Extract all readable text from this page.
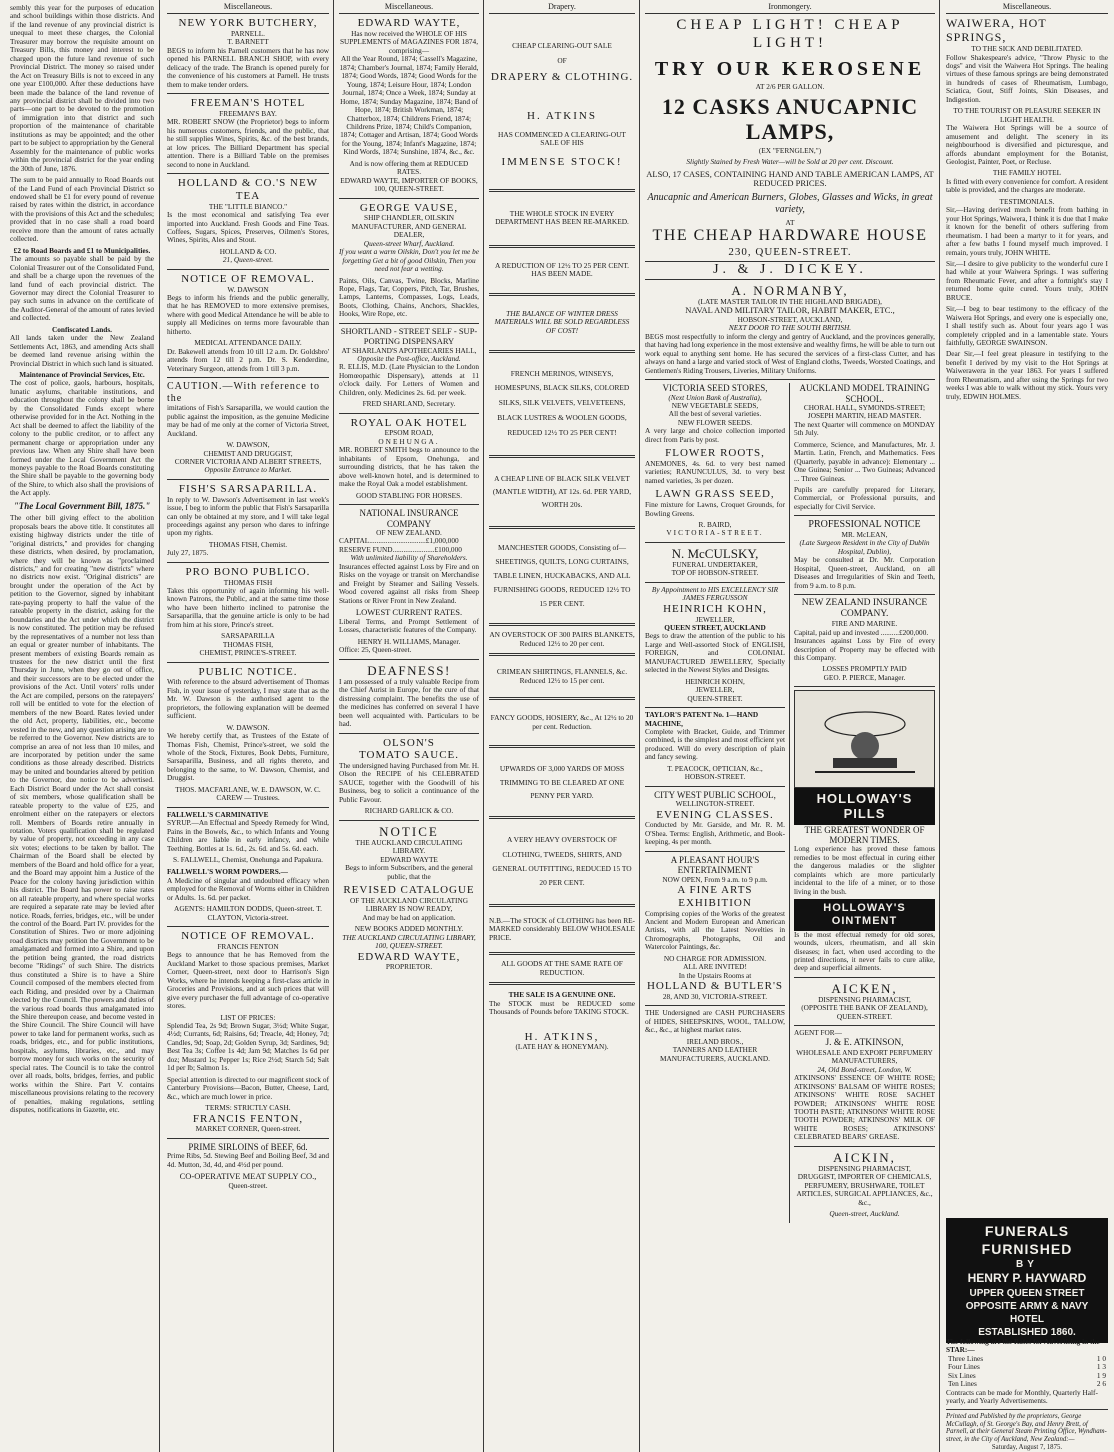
sembly this year for the purposes of education and school buildings within those districts. And if the land revenue of any provincial district is unequal to meet these charges, the Colonial Treasurer may borrow the requisite amount on Treasury Bills, this money and interest to be charged upon the future land revenue of such Provincial District. The money so raised under the Act on Treasury Bills is not to exceed in any one year £100,000. After these deductions have been made the balance of the land revenue of any provincial district shall be divided into two parts—one part to be devoted to the promotion of immigration into that district and such proportion of the maintenance of charitable institutions as may be appointed; and the other part to be subject to appropriation by the General Assembly for the maintenance of public works within the provincial district for the year ending the 30th of June, 1876.

The sum to be paid annually to Road Boards out of the Land Fund of each Provincial District so endowed shall be £1 for every pound of revenue raised by rates within the district, in accordance with the provisions of this Act and the schedules; provided that in no case shall a road board receive more than the amount of rates actually collected.

£2 to Road Boards and £1 to Municipalities.

The amounts so payable shall be paid by the Colonial Treasurer out of the Consolidated Fund, and shall be a charge upon the revenues of the land fund of each provincial district. The Governor may direct the Colonial Treasurer to pay such sums in advance on the certificate of the Auditor-General of the amount of rates levied and collected.

Confiscated Lands.

All lands taken under the New Zealand Settlements Act, 1863, and amending Acts shall be deemed land revenue arising within the Provincial District in which such land is situated.

Maintenance of Provincial Services, Etc.

The cost of police, gaols, harbours, hospitals, lunatic asylums, charitable institutions, and education throughout the colony shall be borne by the Consolidated Funds except where otherwise provided for in the Act. Nothing in the Act shall be deemed to affect the liability of the colony to the public creditor, or to affect any permanent charge or appropriation under any previous law. When any Shire shall have been formed under the Local Government Act the moneys payable to the Road Boards constituting the Shire shall be payable to the governing body of the Shire, to which also shall the provisions of the Act apply.

"The Local Government Bill, 1875."

The other bill giving effect to the abolition proposals bears the above title. It constitutes all existing highway districts under the title of "original districts," and provides for changing these districts, when desired, by proclamation, where they will be known as "proclaimed districts," and for creating "new districts" where no districts now exist. "Original districts" are brought under the operation of the Act by petition to the Governor, signed by inhabitant rate-paying property to half the value of the rateable property in the district, asking for the boundaries and the Act under which the district is now constituted. The petition may be refused by the representatives of a number not less than an equal or greater number of inhabitants. The present members of existing Boards remain as trustees for the new district until the first Thursday in June, when they go out of office, and their successors are to be elected under the provisions of the Act. Until voters' rolls under the Act are compiled, persons on the ratepayers' roll will be entitled to vote for the election of members of the new Board. Rates levied under the old Act, property, liabilities, etc., become vested in the new, and any question arising are to be referred to the Governor. New districts are to comprise an area of not less than 10 miles, and are incorporated by petition under the same conditions as those already described. Districts may be united and boundaries altered by petition to the Governor, due notice to be advertised. Each District Board under the Act shall consist of six members, whose qualification shall be rateable property to the value of £25, and enrolment either on the ratepayers or electors roll. Members of Boards retire annually in rotation. Voters qualification shall be regulated by value of property, not exceeding in any case six votes; elections to be taken by ballot. The Chairman of the Board shall be elected by members of the Board and hold office for a year, and the Board may appoint him a Justice of the Peace for the colony having jurisdiction within his district. The Board has power to raise rates on all rateable property, and where special works are required a separate rate may be levied after notice. Roads, ferries, bridges, etc., will be under the control of the Board. Part IV. provides for the Constitution of Shires. Two or more adjoining road districts may petition the Government to be amalgamated and formed into a Shire, and upon the petition being granted, the road districts become "Ridings" of such Shire. The districts thus constituted a Shire is to have a Shire Council composed of the members elected from each Riding, and presided over by a Chairman elected by the Council. The powers and duties of the various road boards thus amalgamated into the Shire thereupon cease, and become vested in the Shire Council. The Shire Council will have power to take land for permanent works, such as roads, bridges, etc., and for public institutions, hospitals, asylums, libraries, etc., and may borrow money for such works on the security of special rates. The Council is to take the control over all roads, bolts, bridges, ferries, and public works within the Shire. Part V. contains miscellaneous provisions relating to the recovery of penalties, making regulations, settling disputes, notifications in Gazette, etc.

Miscellaneous.
NEW YORK BUTCHERY,
PARNELL.
T. BARNETT

BEGS to inform his Parnell customers that he has now opened his PARNELL BRANCH SHOP, with every delicacy of the trade. The Branch is opened purely for the convenience of his customers at Parnell. He trusts them to make tender orders.

FREEMAN'S HOTEL
FREEMAN'S BAY.

MR. ROBERT SNOW (the Proprietor) begs to inform his numerous customers, friends, and the public, that he still supplies Wines, Spirits, &c. of the best brands, at low prices. The Billiard Department has special attention. There is a Billiard Table on the premises second to none in Auckland.

HOLLAND & CO.'S NEW TEA
THE "LITTLE BIANCO."

Is the most economical and satisfying Tea ever imported into Auckland. Fresh Goods and Fine Teas. Coffees, Sugars, Spices, Preserves, Oilmen's Stores, Wines, Spirits, Ales and Stout.

HOLLAND & CO.
21, Queen-street.
NOTICE OF REMOVAL.
W. DAWSON

Begs to inform his friends and the public generally, that he has REMOVED to more extensive premises, where with good Medical Attendance he will be able to supply all Medicines on terms more favourable than hitherto.

MEDICAL ATTENDANCE DAILY.

Dr. Bakewell attends from 10 till 12 a.m. Dr. Goldsbro' attends from 12 till 2 p.m. Dr. S. Kenderdine, Veterinary Surgeon, attends from 1 till 3 p.m.

CAUTION.—With reference to the

imitations of Fish's Sarsaparilla, we would caution the public against the imposition, as the genuine Medicine may be had of me only at the corner of Victoria Street, Auckland.

W. DAWSON,
CHEMIST AND DRUGGIST,
CORNER VICTORIA AND ALBERT STREETS,
Opposite Entrance to Market.
FISH'S SARSAPARILLA.

In reply to W. Dawson's Advertisement in last week's issue, I beg to inform the public that Fish's Sarsaparilla can only be obtained at my store, and I will take legal proceedings against any person who dares to infringe upon my rights.

THOMAS FISH, Chemist.
July 27, 1875.
PRO BONO PUBLICO.
THOMAS FISH

Takes this opportunity of again informing his well-known Patrons, the Public, and at the same time those who have been hitherto inclined to patronise the Sarsaparilla, that the genuine article is only to be had from him at his store, Prince's street.

SARSAPARILLA
THOMAS FISH,
CHEMIST, PRINCE'S-STREET.
PUBLIC NOTICE.

With reference to the absurd advertisement of Thomas Fish, in your issue of yesterday, I may state that as the Mr. W. Dawson is the authorised agent to the proprietors, the following explanation will be deemed sufficient.

W. DAWSON.

We hereby certify that, as Trustees of the Estate of Thomas Fish, Chemist, Prince's-street, we sold the whole of the Stock, Fixtures, Book Debts, Furniture, Sarsaparilla, Business, and all rights thereto, and belonging to the same, to W. Dawson, Chemist, and Druggist.

THOS. MACFARLANE, W. E. DAWSON, W. C. CAREW — Trustees.
FALLWELL'S CARMINATIVE

SYRUP.—An Effectual and Speedy Remedy for Wind, Pains in the Bowels, &c., to which Infants and Young Children are liable in early infancy, and while Teething. Bottles at 1s. 6d., 2s. 6d. and 5s. 6d. each.

S. FALLWELL, Chemist, Onehunga and Papakura.
FALLWELL'S WORM POWDERS.—

A Medicine of singular and undoubted efficacy when employed for the Removal of Worms either in Children or Adults. 1s. 6d. per packet.

AGENTS: HAMILTON DODDS, Queen-street. T. CLAYTON, Victoria-street.
NOTICE OF REMOVAL.
FRANCIS FENTON

Begs to announce that he has Removed from the Auckland Market to those spacious premises, Market Corner, Queen-street, next door to Harrison's Sign Works, where he intends keeping a first-class article in Groceries and Provisions, and at such prices that will give every purchaser the full advantage of co-operative stores.

LIST OF PRICES:

Splendid Tea, 2s 9d; Brown Sugar, 3½d; White Sugar, 4½d; Currants, 6d; Raisins, 6d; Treacle, 4d; Honey, 7d; Candles, 9d; Soap, 2d; Golden Syrup, 3d; Sardines, 9d; Best Tea 3s; Coffee 1s 4d; Jam 9d; Matches 1s 6d per doz; Mustard 1s; Pepper 1s; Rice 2½d; Starch 5d; Salt 1d per lb; Salmon 1s.

Special attention is directed to our magnificent stock of Canterbury Provisions—Bacon, Butter, Cheese, Lard, &c., which are much lower in price.

TERMS: STRICTLY CASH.
FRANCIS FENTON,
MARKET CORNER, Queen-street.
PRIME SIRLOINS of BEEF, 6d.

Prime Ribs, 5d. Stewing Beef and Boiling Beef, 3d and 4d. Mutton, 3d, 4d, and 4½d per pound.

CO-OPERATIVE MEAT SUPPLY CO.,
Queen-street.
Miscellaneous.
EDWARD WAYTE,
Has now received the WHOLE OF HIS SUPPLEMENTS of MAGAZINES FOR 1874, comprising—

All the Year Round, 1874; Cassell's Magazine, 1874; Chamber's Journal, 1874; Family Herald, 1874; Good Words, 1874; Good Words for the Young, 1874; Leisure Hour, 1874; London Journal, 1874; Once a Week, 1874; Sunday at Home, 1874; Sunday Magazine, 1874; Band of Hope, 1874; British Workman, 1874; Chatterbox, 1874; Childrens Friend, 1874; Childrens Prize, 1874; Child's Companion, 1874; Cottager and Artisan, 1874; Good Words for the Young, 1874; Infant's Magazine, 1874; Kind Words, 1874; Sunshine, 1874, &c., &c.

And is now offering them at REDUCED RATES.
EDWARD WAYTE, IMPORTER OF BOOKS, 100, QUEEN-STREET.
GEORGE VAUSE,
SHIP CHANDLER, OILSKIN MANUFACTURER, AND GENERAL DEALER,
Queen-street Wharf, Auckland.

If you want a warm Oilskin, Don't you let me be forgetting Get a bit of good Oilskin, Then you need not fear a wetting.

Paints, Oils, Canvas, Twine, Blocks, Marline Rope, Flags, Tar, Coppers, Pitch, Tar, Brushes, Lamps, Lanterns, Compasses, Logs, Leads, Boots, Clothing, Chains, Anchors, Shackles, Hooks, Wire Rope, etc.

SHORTLAND - STREET SELF - SUP-PORTING DISPENSARY
AT SHARLAND'S APOTHECARIES HALL,
Opposite the Post-office, Auckland.

R. ELLIS, M.D. (Late Physician to the London Homœopathic Dispensary), attends at 11 o'clock daily. For Letters of Women and Children, only. Medicines 2s. 6d. per week.

FRED SHARLAND, Secretary.
ROYAL OAK HOTEL
EPSOM ROAD,
ONEHUNGA.

MR. ROBERT SMITH begs to announce to the inhabitants of Epsom, Onehunga, and surrounding districts, that he has taken the above well-known hotel, and is determined to make the Royal Oak a model establishment.

GOOD STABLING FOR HORSES.
NATIONAL INSURANCE COMPANY
OF NEW ZEALAND.
CAPITAL...............................£1,000,000
RESERVE FUND.......................£100,000
With unlimited liability of Shareholders.

Insurances effected against Loss by Fire and on Risks on the voyage or transit on Merchandise and Freight by Steamer and Sailing Vessels. Wood covered against all risks from Sheep Stations or River Front in New Zealand.

LOWEST CURRENT RATES.

Liberal Terms, and Prompt Settlement of Losses, characteristic features of the Company.

HENRY H. WILLIAMS, Manager.
Office: 25, Queen-street.
DEAFNESS!

I am possessed of a truly valuable Recipe from the Chief Aurist in Europe, for the cure of that distressing complaint. The benefits the use of the medicines has conferred on several I have been well acquainted with. Particulars to be had.

OLSON'S
TOMATO SAUCE.

The undersigned having Purchased from Mr. H. Olson the RECIPE of his CELEBRATED SAUCE, together with the Goodwill of his Business, beg to solicit a continuance of the Public Favour.

RICHARD GARLICK & CO.
NOTICE
THE AUCKLAND CIRCULATING LIBRARY.
EDWARD WAYTE

Begs to inform Subscribers, and the general public, that the

REVISED CATALOGUE
OF THE AUCKLAND CIRCULATING LIBRARY IS NOW READY,
And may be had on application.
NEW BOOKS ADDED MONTHLY.
THE AUCKLAND CIRCULATING LIBRARY, 100, QUEEN-STREET.
EDWARD WAYTE,
PROPRIETOR.
Drapery.
CHEAP CLEARING-OUT SALE
OF
DRAPERY & CLOTHING.
H. ATKINS
HAS COMMENCED A CLEARING-OUT SALE OF HIS
IMMENSE STOCK!
THE WHOLE STOCK IN EVERY DEPARTMENT HAS BEEN RE-MARKED.
A REDUCTION OF 12½ TO 25 PER CENT. HAS BEEN MADE.
THE BALANCE OF WINTER DRESS MATERIALS WILL BE SOLD REGARDLESS OF COST!
FRENCH MERINOS, WINSEYS, HOMESPUNS, BLACK SILKS, COLORED SILKS, SILK VELVETS, VELVETEENS, BLACK LUSTRES & WOOLEN GOODS, REDUCED 12½ TO 25 PER CENT!
A CHEAP LINE OF BLACK SILK VELVET (MANTLE WIDTH), AT 12s. 6d. PER YARD, WORTH 20s.
MANCHESTER GOODS, Consisting of— SHEETINGS, QUILTS, LONG CURTAINS, TABLE LINEN, HUCKABACKS, AND ALL FURNISHING GOODS, REDUCED 12½ TO 15 PER CENT.
AN OVERSTOCK OF 300 PAIRS BLANKETS, Reduced 12½ to 20 per cent.
CRIMEAN SHIRTINGS, FLANNELS, &c. Reduced 12½ to 15 per cent.
FANCY GOODS, HOSIERY, &c., At 12½ to 20 per cent. Reduction.
UPWARDS OF 3,000 YARDS OF MOSS TRIMMING TO BE CLEARED AT ONE PENNY PER YARD.
A VERY HEAVY OVERSTOCK OF CLOTHING, TWEEDS, SHIRTS, AND GENERAL OUTFITTING, REDUCED 15 TO 20 PER CENT.

N.B.—The STOCK of CLOTHING has been RE-MARKED considerably BELOW WHOLESALE PRICE.

ALL GOODS AT THE SAME RATE OF REDUCTION.
THE SALE IS A GENUINE ONE.

The STOCK must be REDUCED some Thousands of Pounds before TAKING STOCK.

H. ATKINS,
(LATE HAY & HONEYMAN).
Ironmongery.
CHEAP LIGHT! CHEAP LIGHT!
TRY OUR KEROSENE
AT 2/6 PER GALLON.
12 CASKS ANUCAPNIC LAMPS,
(EX "FERNGLEN,")
Slightly Stained by Fresh Water—will be Sold at 20 per cent. Discount.
ALSO, 17 CASES, CONTAINING HAND AND TABLE AMERICAN LAMPS, AT REDUCED PRICES.
Anucapnic and American Burners, Globes, Glasses and Wicks, in great variety,
AT
THE CHEAP HARDWARE HOUSE
230, QUEEN-STREET.
J. & J. DICKEY.
A. NORMANBY,
(LATE MASTER TAILOR IN THE HIGHLAND BRIGADE),
NAVAL AND MILITARY TAILOR, HABIT MAKER, ETC.,
HOBSON-STREET, AUCKLAND,
NEXT DOOR TO THE SOUTH BRITISH.

BEGS most respectfully to inform the clergy and gentry of Auckland, and the provinces generally, that having had long experience in the most extensive and wealthy firms, he will be able to turn out work equal to anything sent home. He has secured the services of a first-class Cutter, and has always on hand a large and varied stock of West of England cloths, Tweeds, Worsted Coatings, and Gentlemen's Riding Trousers, Liveries, Military Uniforms.

VICTORIA SEED STORES,
(Next Union Bank of Australia),
NEW VEGETABLE SEEDS,
All the best of several varieties.
NEW FLOWER SEEDS.

A very large and choice collection imported direct from Paris by post.

FLOWER ROOTS,

ANEMONES, 4s. 6d. to very best named varieties; RANUNCULUS, 3d. to very best named varieties, 3s per dozen.

LAWN GRASS SEED,

Fine mixture for Lawns, Croquet Grounds, for Bowling Greens.

R. BAIRD,
VICTORIA-STREET.
N. McCULSKY,
FUNERAL UNDERTAKER,
TOP OF HOBSON-STREET.
By Appointment to HIS EXCELLENCY SIR JAMES FERGUSSON
HEINRICH KOHN,
JEWELLER,
QUEEN STREET, AUCKLAND

Begs to draw the attention of the public to his Large and Well-assorted Stock of ENGLISH, FOREIGN, and COLONIAL MANUFACTURED JEWELLERY, Specially selected in the Newest Styles and Designs.

HEINRICH KOHN,
JEWELLER,
QUEEN-STREET.
TAYLOR'S PATENT No. 1—HAND MACHINE,

Complete with Bracket, Guide, and Trimmer combined, is the simplest and most efficient yet produced. Will do every description of plain and fancy sewing.

T. PEACOCK, OPTICIAN, &c.,
HOBSON-STREET.
CITY WEST PUBLIC SCHOOL,
WELLINGTON-STREET.
EVENING CLASSES.

Conducted by Mr. Garside, and Mr. R. M. O'Shea. Terms: English, Arithmetic, and Book-keeping, 4s per month.

A PLEASANT HOUR'S ENTERTAINMENT
NOW OPEN, From 9 a.m. to 9 p.m.
A FINE ARTS EXHIBITION

Comprising copies of the Works of the greatest Ancient and Modern European and American Artists, with all the Latest Novelties in Chromographs, Photographs, Oil and Watercolor Paintings, &c.

NO CHARGE FOR ADMISSION.
ALL ARE INVITED!
In the Upstairs Rooms at
HOLLAND & BUTLER'S
28, AND 30, VICTORIA-STREET.

THE Undersigned are CASH PURCHASERS of HIDES, SHEEPSKINS, WOOL, TALLOW, &c., &c., at highest market rates.

IRELAND BROS.,
TANNERS AND LEATHER MANUFACTURERS, AUCKLAND.
AUCKLAND MODEL TRAINING SCHOOL.
CHORAL HALL, SYMONDS-STREET;
JOSEPH MARTIN, HEAD MASTER.

The next Quarter will commence on MONDAY 5th July.

Commerce, Science, and Manufactures, Mr. J. Martin. Latin, French, and Mathematics. Fees (Quarterly, payable in advance): Elementary ... One Guinea; Senior ... Two Guineas; Advanced ... Three Guineas.

Pupils are carefully prepared for Literary, Commercial, or Professional pursuits, and especially for Civil Service.

PROFESSIONAL NOTICE
MR. McLEAN,
(Late Surgeon Resident in the City of Dublin Hospital, Dublin),

May be consulted at Dr. Mr. Corporation Hospital, Queen-street, Auckland, on all Diseases and Irregularities of Skin and Teeth, from 9 a.m. to 8 p.m.

NEW ZEALAND INSURANCE COMPANY.
FIRE AND MARINE.
Capital, paid up and invested ..........£200,000.

Insurances against Loss by Fire of every description of Property may be effected with this Company.

LOSSES PROMPTLY PAID
GEO. P. PIERCE, Manager.
HOLLOWAY'S PILLS
THE GREATEST WONDER OF MODERN TIMES.

Long experience has proved these famous remedies to be most effectual in curing either the dangerous maladies or the slighter complaints which are more particularly incidental to the life of a miner, or to those living in the bush.

HOLLOWAY'S OINTMENT

Is the most effectual remedy for old sores, wounds, ulcers, rheumatism, and all skin diseases; in fact, when used according to the printed directions, it never fails to cure alike, deep and superficial ailments.

AICKEN,
DISPENSING PHARMACIST,
(OPPOSITE THE BANK OF ZEALAND), QUEEN-STREET.
AGENT FOR—
J. & E. ATKINSON,
WHOLESALE AND EXPORT PERFUMERY MANUFACTURERS,
24, Old Bond-street, London, W.

ATKINSONS' ESSENCE OF WHITE ROSE; ATKINSONS' BALSAM OF WHITE ROSES; ATKINSONS' WHITE ROSE SACHET POWDER; ATKINSONS' WHITE ROSE TOOTH PASTE; ATKINSONS' WHITE ROSE TOOTH POWDER; ATKINSONS' MILK OF WHITE ROSES; ATKINSONS' CELEBRATED BEARS' GREASE.

AICKIN,
DISPENSING PHARMACIST,

DRUGGIST, IMPORTER OF CHEMICALS, PERFUMERY, BRUSHWARE, TOILET ARTICLES, SURGICAL APPLIANCES, &c., &c.,

Queen-street, Auckland.
Miscellaneous.
WAIWERA, HOT SPRINGS,
TO THE SICK AND DEBILITATED.

Follow Shakespeare's advice, "Throw Physic to the dogs" and visit the Waiwera Hot Springs. The healing virtues of these famous springs are being demonstrated in hundreds of cases of Rheumatism, Lumbago, Sciatica, Gout, Stiff Joints, Skin Diseases, and Indigestion.

TO THE TOURIST OR PLEASURE SEEKER IN LIGHT HEALTH.

The Waiwera Hot Springs will be a source of amusement and delight. The scenery in its neighbourhood is diversified and picturesque, and affords abundant employment for the Botanist, Geologist, Painter, Poet, or Recluse.

THE FAMILY HOTEL

Is fitted with every convenience for comfort. A resident table is provided, and the charges are moderate.

TESTIMONIALS.

Sir,—Having derived much benefit from bathing in your Hot Springs, Waiwera, I think it is due that I make it known for the benefit of others suffering from rheumatism. I had been a martyr to it for years, and after a few baths I found myself much improved. I remain, yours truly, JOHN WHITE.

Sir,—I desire to give publicity to the wonderful cure I had while at your Waiwera Springs. I was suffering from Rheumatic Fever, and after a fortnight's stay I returned home quite cured. Yours truly, JOHN BRUCE.

Sir,—I beg to bear testimony to the efficacy of the Waiwera Hot Springs, and every one is especially one, I shall testify such as. About four years ago I was completely crippled and in a lamentable state. Yours faithfully, GEORGE SWAINSON.

Dear Sir,—I feel great pleasure in testifying to the benefit I derived by my visit to the Hot Springs at Waiwerawera in the year 1863. For years I suffered from Rheumatism, and after using the Springs for two weeks I was able to walk without my stick. Yours very truly, EDWIN HOLMES.

FUNERALS FURNISHED
BY
HENRY P. HAYWARD
UPPER QUEEN STREET
OPPOSITE ARMY & NAVY HOTEL
ESTABLISHED 1860.
The following are the Rates for Advertising in the STAR:—
Three Lines	1 0
Four Lines	1 3
Six Lines	1 9
Ten Lines	2 6
Contracts can be made for Monthly, Quarterly Half-yearly, and Yearly Advertisements.
Printed and Published by the proprietors, George McCullagh, of St. George's Bay, and Henry Brett, of Parnell, at their General Steam Printing Office, Wyndham-street, in the City of Auckland, New Zealand:—
Saturday, August 7, 1875.
